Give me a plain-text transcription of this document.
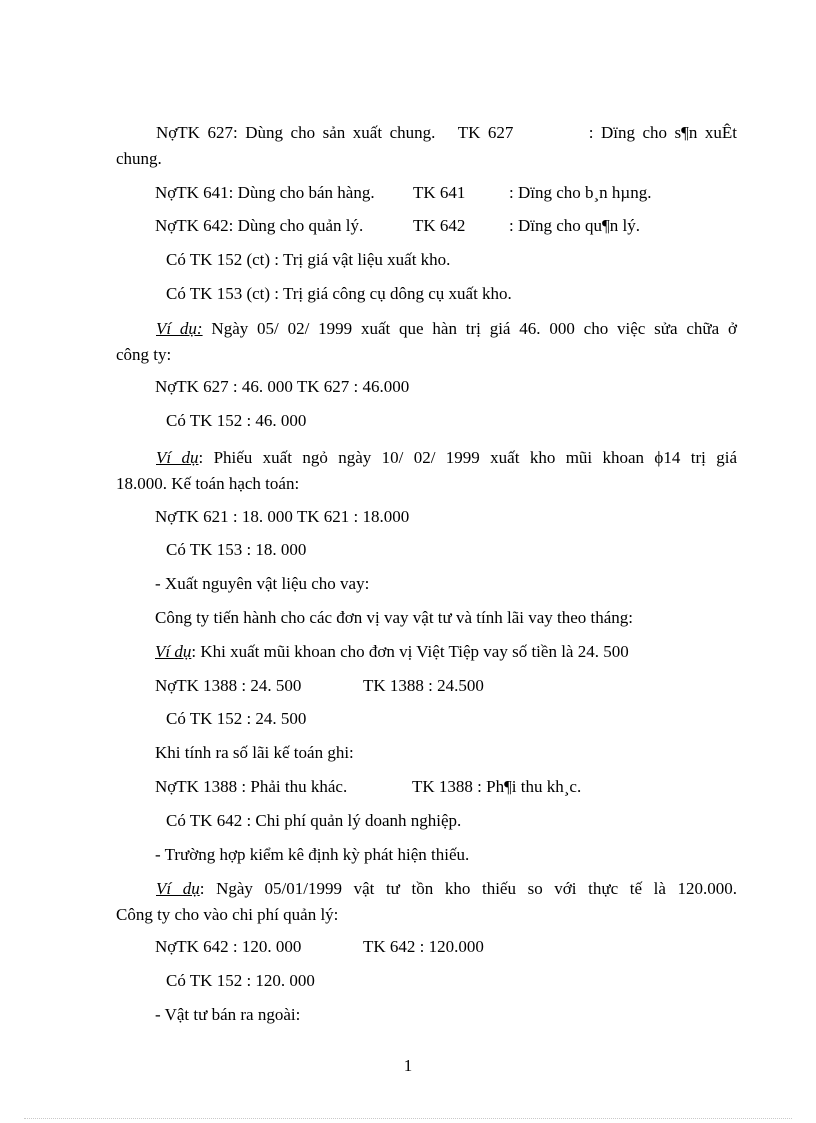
NợTK 627: Dùng cho sản xuất chung. TK 627	: Dïng cho s¶n xuÊt
chung.
NợTK 641: Dùng cho bán hàng. TK 641	: Dïng cho b¸n hµng.
NợTK 642: Dùng cho quản lý.	TK 642	: Dïng cho qu¶n lý.
Có TK 152 (ct) : Trị giá vật liệu xuất kho.
Có TK 153 (ct) : Trị giá công cụ dông cụ xuất kho.
Ví dụ: Ngày 05/ 02/ 1999 xuất que hàn trị giá 46. 000 cho việc sửa chữa ở
công ty:
NợTK 627 : 46. 000 TK 627 : 46.000
Có TK 152 : 46. 000
Ví dụ: Phiếu xuất ngỏ ngày 10/ 02/ 1999 xuất kho mũi khoan ϕ14 trị giá
18.000. Kế toán hạch toán:
NợTK 621 : 18. 000 TK 621 : 18.000
Có TK 153 : 18. 000
- Xuất nguyên vật liệu cho vay:
Công ty tiến hành cho các đơn vị vay vật tư và tính lãi vay theo tháng:
Ví dụ: Khi xuất mũi khoan cho đơn vị Việt Tiệp vay số tiền là 24. 500
NợTK 1388 : 24. 500	TK 1388 : 24.500
Có TK 152 : 24. 500
Khi tính ra số lãi kế toán ghi:
NợTK 1388 : Phải thu khác.	TK 1388 : Ph¶i thu kh¸c.
Có TK 642 : Chi phí quản lý doanh nghiệp.
- Trường hợp kiểm kê định kỳ phát hiện thiếu.
Ví dụ: Ngày 05/01/1999 vật tư tồn kho thiếu so với thực tế là 120.000.
Công ty cho vào chi phí quản lý:
NợTK 642 : 120. 000	TK 642 : 120.000
Có TK 152 : 120. 000
- Vật tư bán ra ngoài:
1
